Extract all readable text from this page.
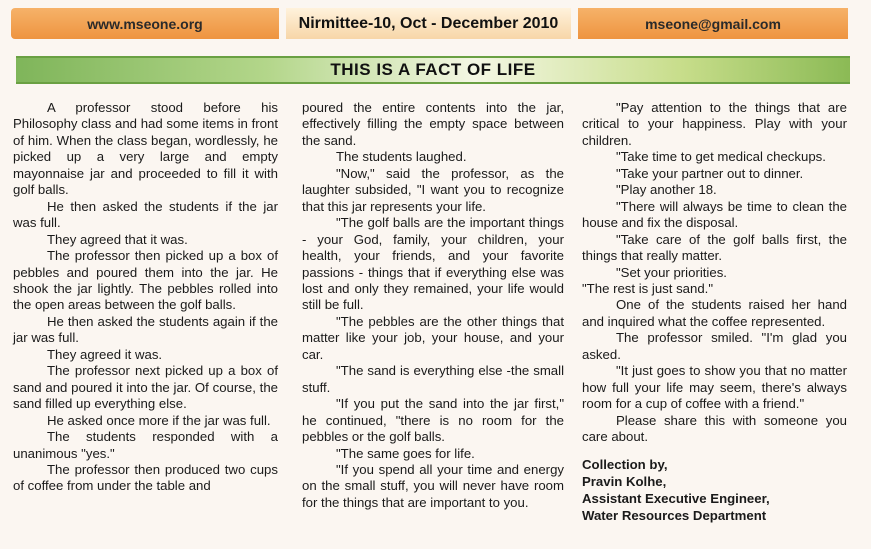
www.mseone.org	Nirmittee-10, Oct - December 2010	mseone@gmail.com
THIS IS A FACT OF LIFE

A professor stood before his Philosophy class and had some items in front of him. When the class began, wordlessly, he picked up a very large and empty mayonnaise jar and proceeded to fill it with golf balls.

He then asked the students if the jar was full.

They agreed that it was.

The professor then picked up a box of pebbles and poured them into the jar. He shook the jar lightly. The pebbles rolled into the open areas between the golf balls.

He then asked the students again if the jar was full.

They agreed it was.

The professor next picked up a box of sand and poured it into the jar. Of course, the sand filled up everything else.

He asked once more if the jar was full.

The students responded with a unanimous "yes."

The professor then produced two cups of coffee from under the table and

poured the entire contents into the jar, effectively filling the empty space between the sand.

The students laughed.

"Now," said the professor, as the laughter subsided, "I want you to recognize that this jar represents your life.

"The golf balls are the important things - your God, family, your children, your health, your friends, and your favorite passions - things that if everything else was lost and only they remained, your life would still be full.

"The pebbles are the other things that matter like your job, your house, and your car.

"The sand is everything else -the small stuff.

"If you put the sand into the jar first," he continued, "there is no room for the pebbles or the golf balls.

"The same goes for life.

"If you spend all your time and energy on the small stuff, you will never have room for the things that are important to you.

"Pay attention to the things that are critical to your happiness. Play with your children.

"Take time to get medical checkups.

"Take your partner out to dinner.

"Play another 18.

"There will always be time to clean the house and fix the disposal.

"Take care of the golf balls first, the things that really matter.

"Set your priorities.

"The rest is just sand."

One of the students raised her hand and inquired what the coffee represented.

The professor smiled. "I'm glad you asked.

"It just goes to show you that no matter how full your life may seem, there's always room for a cup of coffee with a friend."

Please share this with someone you care about.

Collection by,
Pravin Kolhe,
Assistant Executive Engineer,
Water Resources Department
